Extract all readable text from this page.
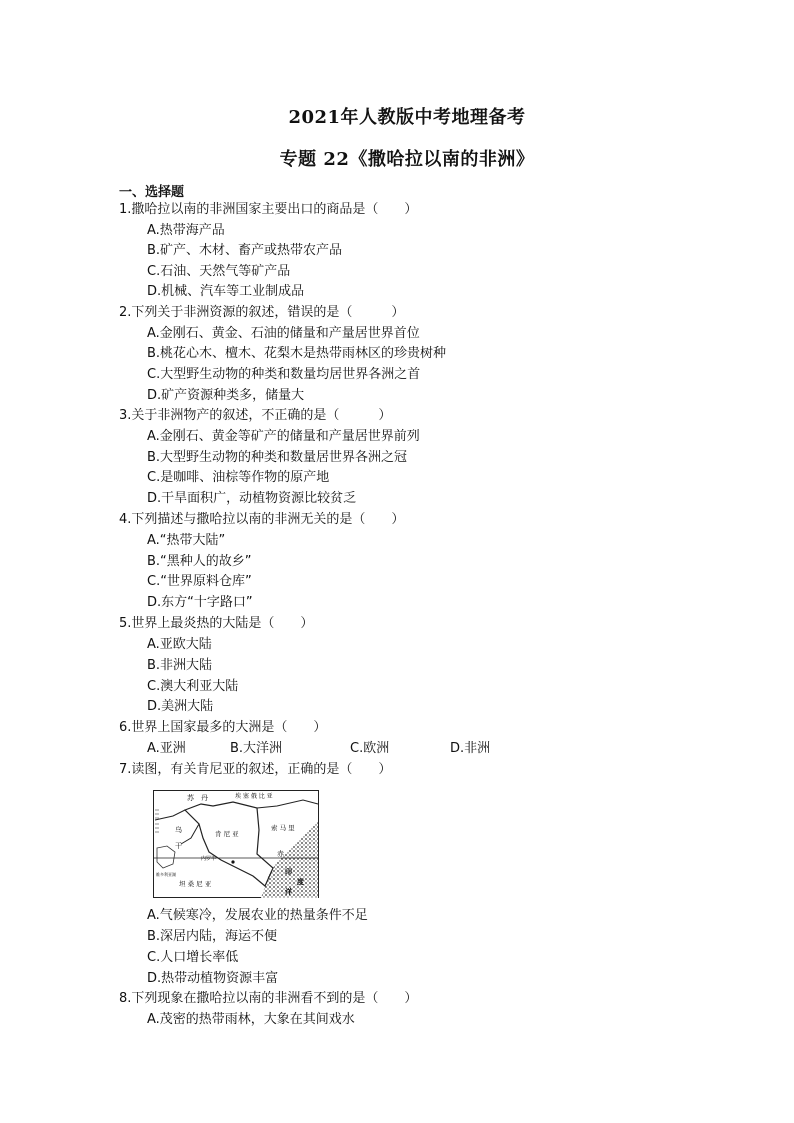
2021年人教版中考地理备考
专题 22《撒哈拉以南的非洲》
一、选择题
1.撒哈拉以南的非洲国家主要出口的商品是（　　）
A.热带海产品
B.矿产、木材、畜产或热带农产品
C.石油、天然气等矿产品
D.机械、汽车等工业制成品
2.下列关于非洲资源的叙述，错误的是（　　　）
A.金刚石、黄金、石油的储量和产量居世界首位
B.桃花心木、檀木、花梨木是热带雨林区的珍贵树种
C.大型野生动物的种类和数量均居世界各洲之首
D.矿产资源种类多，储量大
3.关于非洲物产的叙述，不正确的是（　　　）
A.金刚石、黄金等矿产的储量和产量居世界前列
B.大型野生动物的种类和数量居世界各洲之冠
C.是咖啡、油棕等作物的原产地
D.干旱面积广，动植物资源比较贫乏
4.下列描述与撒哈拉以南的非洲无关的是（　　）
A.“热带大陆”
B.“黑种人的故乡”
C.“世界原料仓库”
D.东方“十字路口”
5.世界上最炎热的大陆是（　　）
A.亚欧大陆
B.非洲大陆
C.澳大利亚大陆
D.美洲大陆
6.世界上国家最多的大洲是（　　）
A.亚洲	B.大洋洲	C.欧洲	D.非洲
7.读图，有关肯尼亚的叙述，正确的是（　　）
苏　丹	埃 塞 俄 比 亚
乌
干
肯 尼 亚
索 马 里
内罗毕
坦 桑 尼 亚
赤
印
度
洋
维多利亚湖
A.气候寒冷，发展农业的热量条件不足
B.深居内陆，海运不便
C.人口增长率低
D.热带动植物资源丰富
8.下列现象在撒哈拉以南的非洲看不到的是（　　）
A.茂密的热带雨林，大象在其间戏水
